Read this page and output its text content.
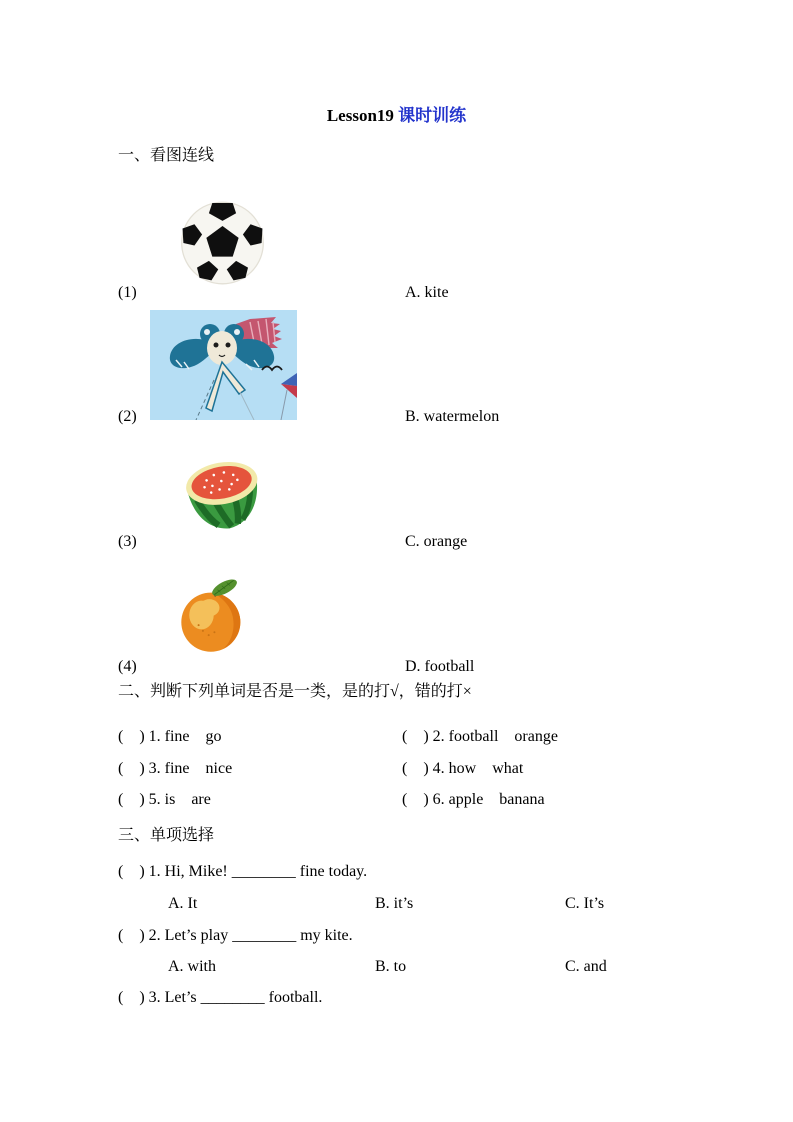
Lesson19 课时训练
一、看图连线
(1)	A. kite
(2)	B. watermelon
(3)	C. orange
(4)	D. football
二、判断下列单词是否是一类，是的打√，错的打×
(    ) 1. fine    go	(    ) 2. football    orange
(    ) 3. fine    nice	(    ) 4. how    what
(    ) 5. is    are	(    ) 6. apple    banana
三、单项选择
(    ) 1. Hi, Mike! ________ fine today.
A. It	B. it’s	C. It’s
(    ) 2. Let’s play ________ my kite.
A. with	B. to	C. and
(    ) 3. Let’s ________ football.
